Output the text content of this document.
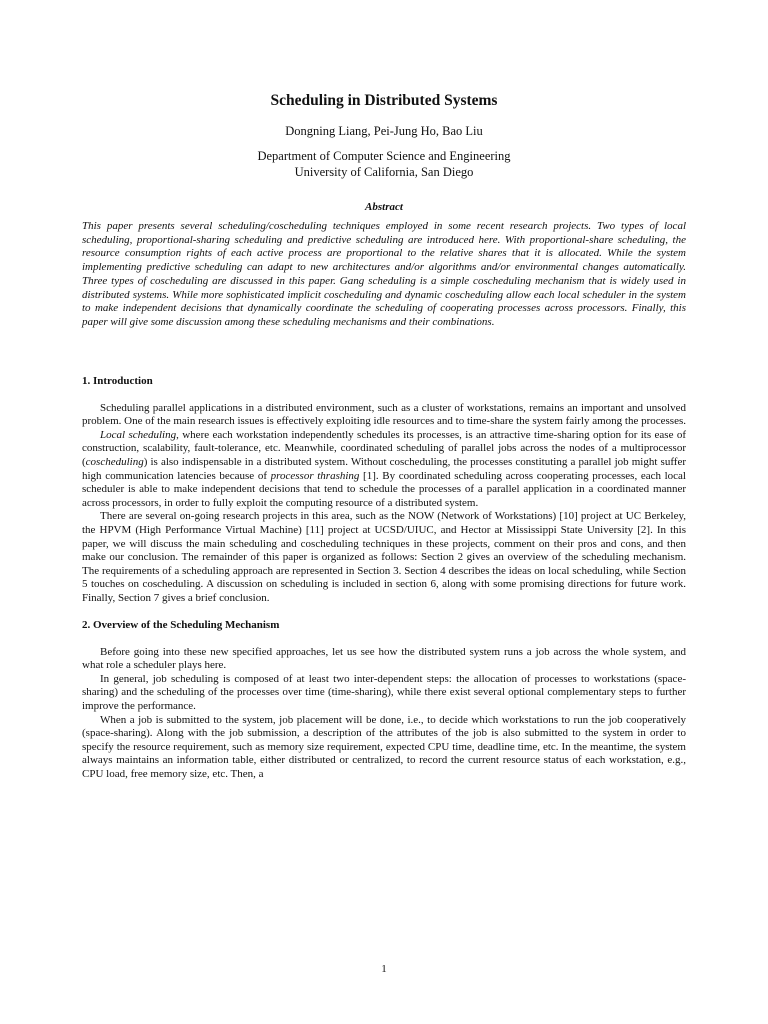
Scheduling in Distributed Systems
Dongning Liang, Pei-Jung Ho, Bao Liu
Department of Computer Science and Engineering
University of California, San Diego
Abstract

This paper presents several scheduling/coscheduling techniques employed in some recent research projects. Two types of local scheduling, proportional-sharing scheduling and predictive scheduling are introduced here. With proportional-share scheduling, the resource consumption rights of each active process are proportional to the relative shares that it is allocated. While the system implementing predictive scheduling can adapt to new architectures and/or algorithms and/or environmental changes automatically. Three types of coscheduling are discussed in this paper. Gang scheduling is a simple coscheduling mechanism that is widely used in distributed systems. While more sophisticated implicit coscheduling and dynamic coscheduling allow each local scheduler in the system to make independent decisions that dynamically coordinate the scheduling of cooperating processes across processors. Finally, this paper will give some discussion among these scheduling mechanisms and their combinations.

1. Introduction

Scheduling parallel applications in a distributed environment, such as a cluster of workstations, remains an important and unsolved problem. One of the main research issues is effectively exploiting idle resources and to time-share the system fairly among the processes.

Local scheduling, where each workstation independently schedules its processes, is an attractive time-sharing option for its ease of construction, scalability, fault-tolerance, etc. Meanwhile, coordinated scheduling of parallel jobs across the nodes of a multiprocessor (coscheduling) is also indispensable in a distributed system. Without coscheduling, the processes constituting a parallel job might suffer high communication latencies because of processor thrashing [1]. By coordinated scheduling across cooperating processes, each local scheduler is able to make independent decisions that tend to schedule the processes of a parallel application in a coordinated manner across processors, in order to fully exploit the computing resource of a distributed system.

There are several on-going research projects in this area, such as the NOW (Network of Workstations) [10] project at UC Berkeley, the HPVM (High Performance Virtual Machine) [11] project at UCSD/UIUC, and Hector at Mississippi State University [2]. In this paper, we will discuss the main scheduling and coscheduling techniques in these projects, comment on their pros and cons, and then make our conclusion. The remainder of this paper is organized as follows: Section 2 gives an overview of the scheduling mechanism. The requirements of a scheduling approach are represented in Section 3. Section 4 describes the ideas on local scheduling, while Section 5 touches on coscheduling. A discussion on scheduling is included in section 6, along with some promising directions for future work. Finally, Section 7 gives a brief conclusion.

2. Overview of the Scheduling Mechanism

Before going into these new specified approaches, let us see how the distributed system runs a job across the whole system, and what role a scheduler plays here.

In general, job scheduling is composed of at least two inter-dependent steps: the allocation of processes to workstations (space-sharing) and the scheduling of the processes over time (time-sharing), while there exist several optional complementary steps to further improve the performance.

When a job is submitted to the system, job placement will be done, i.e., to decide which workstations to run the job cooperatively (space-sharing). Along with the job submission, a description of the attributes of the job is also submitted to the system in order to specify the resource requirement, such as memory size requirement, expected CPU time, deadline time, etc. In the meantime, the system always maintains an information table, either distributed or centralized, to record the current resource status of each workstation, e.g., CPU load, free memory size, etc. Then, a

1
